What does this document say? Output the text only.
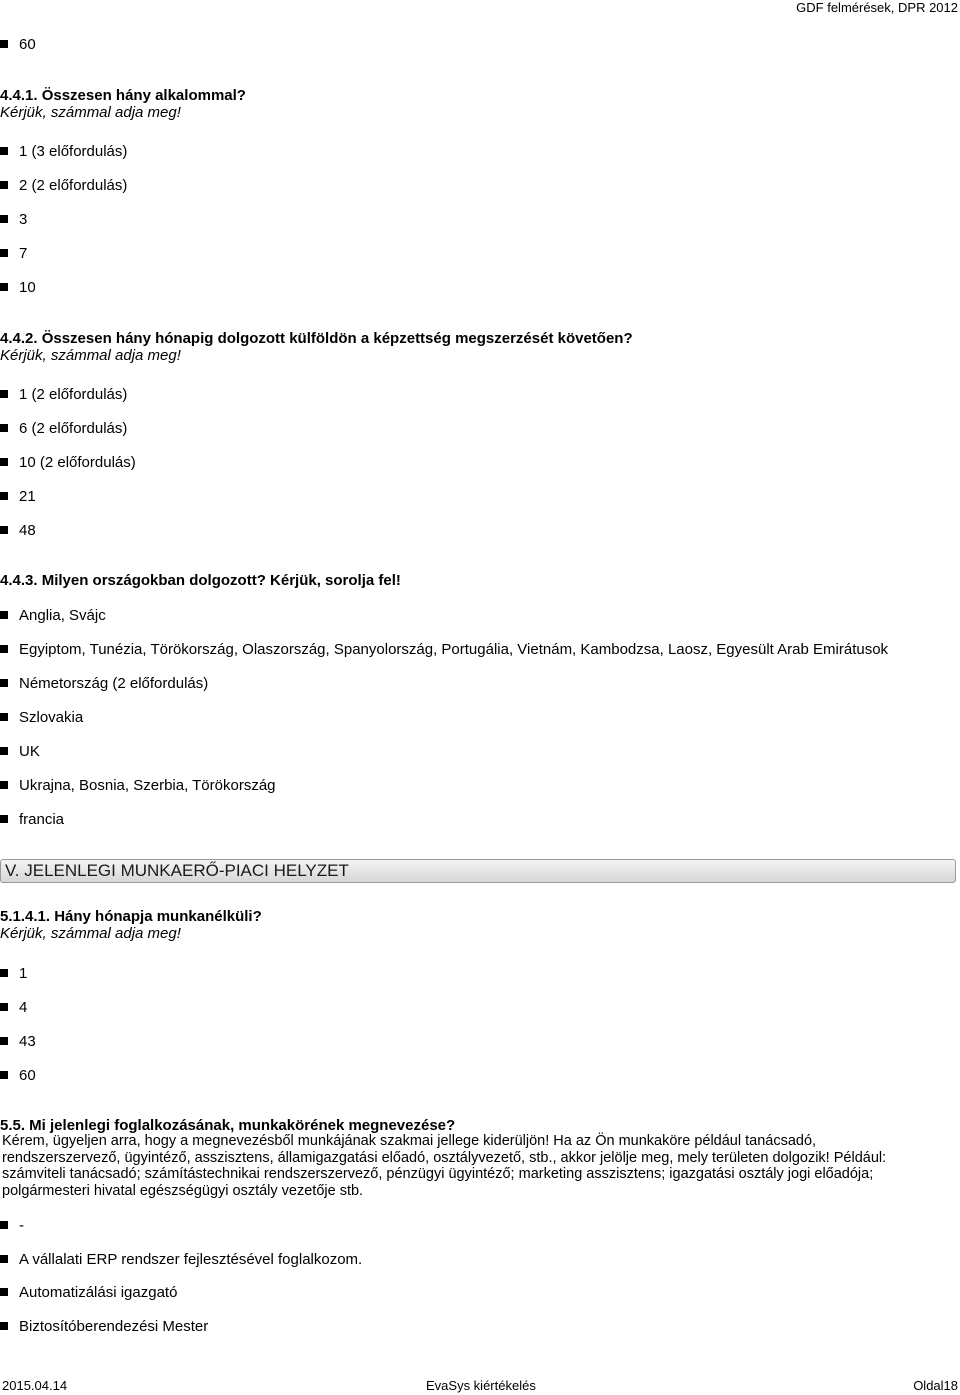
GDF felmérések, DPR 2012
60
4.4.1. Összesen hány alkalommal?
Kérjük, számmal adja meg!
1 (3 előfordulás)
2 (2 előfordulás)
3
7
10
4.4.2. Összesen hány hónapig dolgozott külföldön a képzettség megszerzését követően?
Kérjük, számmal adja meg!
1 (2 előfordulás)
6 (2 előfordulás)
10 (2 előfordulás)
21
48
4.4.3. Milyen országokban dolgozott? Kérjük, sorolja fel!
Anglia, Svájc
Egyiptom, Tunézia, Törökország, Olaszország, Spanyolország, Portugália, Vietnám, Kambodzsa, Laosz, Egyesült Arab Emirátusok
Németország (2 előfordulás)
Szlovakia
UK
Ukrajna, Bosnia, Szerbia, Törökország
francia
V. JELENLEGI MUNKAERŐ-PIACI HELYZET
5.1.4.1. Hány hónapja munkanélküli?
Kérjük, számmal adja meg!
1
4
43
60
5.5. Mi jelenlegi foglalkozásának, munkakörének megnevezése?
Kérem, ügyeljen arra, hogy a megnevezésből munkájának szakmai jellege kiderüljön! Ha az Ön munkaköre például tanácsadó, rendszerszervező, ügyintéző, asszisztens, államigazgatási előadó, osztályvezető, stb., akkor jelölje meg, mely területen dolgozik! Például: számviteli tanácsadó; számítástechnikai rendszerszervező, pénzügyi ügyintéző; marketing asszisztens; igazgatási osztály jogi előadója; polgármesteri hivatal egészségügyi osztály vezetője stb.
-
A vállalati ERP rendszer fejlesztésével foglalkozom.
Automatizálási igazgató
Biztosítóberendezési Mester
2015.04.14	EvaSys kiértékelés	Oldal18
